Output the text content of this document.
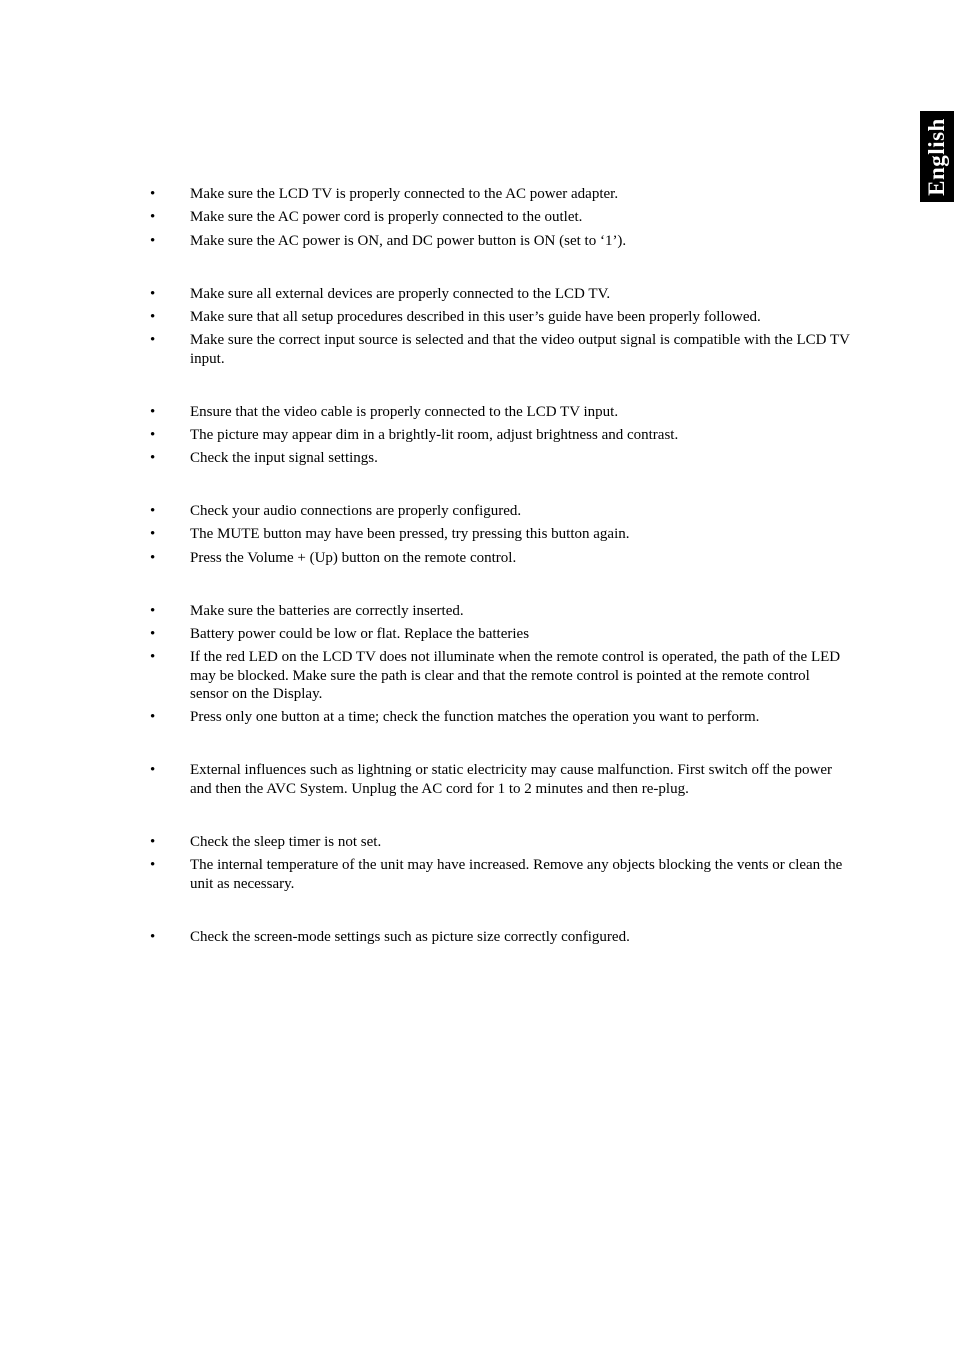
English
•	Make sure the LCD TV is properly connected to the AC power adapter.
•	Make sure the AC power cord is properly connected to the outlet.
•	Make sure the AC power is ON, and DC power button is ON (set to ‘1’).
•	Make sure all external devices are properly connected to the LCD TV.
•	Make sure that all setup procedures described in this user’s guide have been properly followed.
•	Make sure the correct input source is selected and that the video output signal is compatible with the LCD TV input.
•	Ensure that the video cable is properly connected to the LCD TV input.
•	The picture may appear dim in a brightly-lit room, adjust brightness and contrast.
•	Check the input signal settings.
•	Check your audio connections are properly configured.
•	The MUTE button may have been pressed, try pressing this button again.
•	Press the Volume + (Up) button on the remote control.
•	Make sure the batteries are correctly inserted.
•	Battery power could be low or flat. Replace the batteries
•	If the red LED on the LCD TV does not illuminate when the remote control is operated, the path of the LED may be blocked. Make sure the path is clear and that the remote control is pointed at the remote control sensor on the Display.
•	Press only one button at a time; check the function matches the operation you want to perform.
•	External influences such as lightning or static electricity may cause malfunction. First switch off the power and then the AVC System. Unplug the AC cord for 1 to 2 minutes and then re-plug.
•	Check the sleep timer is not set.
•	The internal temperature of the unit may have increased. Remove any objects blocking the vents or clean the unit as necessary.
•	Check the screen-mode settings such as picture size correctly configured.
